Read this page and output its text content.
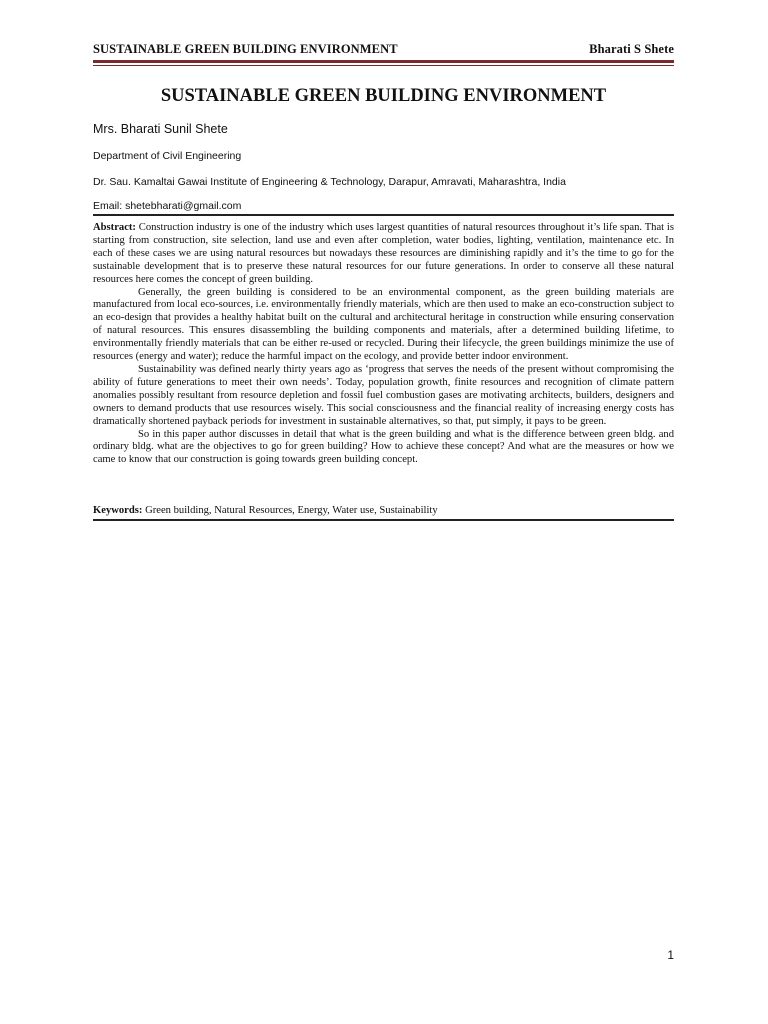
SUSTAINABLE GREEN BUILDING ENVIRONMENT	Bharati S Shete
SUSTAINABLE GREEN BUILDING ENVIRONMENT
Mrs. Bharati Sunil Shete
Department of Civil Engineering
Dr. Sau. Kamaltai Gawai Institute of Engineering & Technology, Darapur, Amravati, Maharashtra, India
Email: shetebharati@gmail.com

Abstract: Construction industry is one of the industry which uses largest quantities of natural resources throughout it’s life span. That is starting from construction, site selection, land use and even after completion, water bodies, lighting, ventilation, maintenance etc. In each of these cases we are using natural resources but nowadays these resources are diminishing rapidly and it’s the time to go for the sustainable development that is to preserve these natural resources for our future generations. In order to conserve all these natural resources here comes the concept of green building.

Generally, the green building is considered to be an environmental component, as the green building materials are manufactured from local eco-sources, i.e. environmentally friendly materials, which are then used to make an eco-construction subject to an eco-design that provides a healthy habitat built on the cultural and architectural heritage in construction while ensuring conservation of natural resources. This ensures disassembling the building components and materials, after a determined building lifetime, to environmentally friendly materials that can be either re-used or recycled. During their lifecycle, the green buildings minimize the use of resources (energy and water); reduce the harmful impact on the ecology, and provide better indoor environment.

Sustainability was defined nearly thirty years ago as ‘progress that serves the needs of the present without compromising the ability of future generations to meet their own needs’. Today, population growth, finite resources and recognition of climate pattern anomalies possibly resultant from resource depletion and fossil fuel combustion gases are motivating architects, builders, designers and owners to demand products that use resources wisely. This social consciousness and the financial reality of increasing energy costs has dramatically shortened payback periods for investment in sustainable alternatives, so that, put simply, it pays to be green.

So in this paper author discusses in detail that what is the green building and what is the difference between green bldg. and ordinary bldg. what are the objectives to go for green building? How to achieve these concept? And what are the measures or how we came to know that our construction is going towards green building concept.

Keywords: Green building, Natural Resources, Energy, Water use, Sustainability
1
